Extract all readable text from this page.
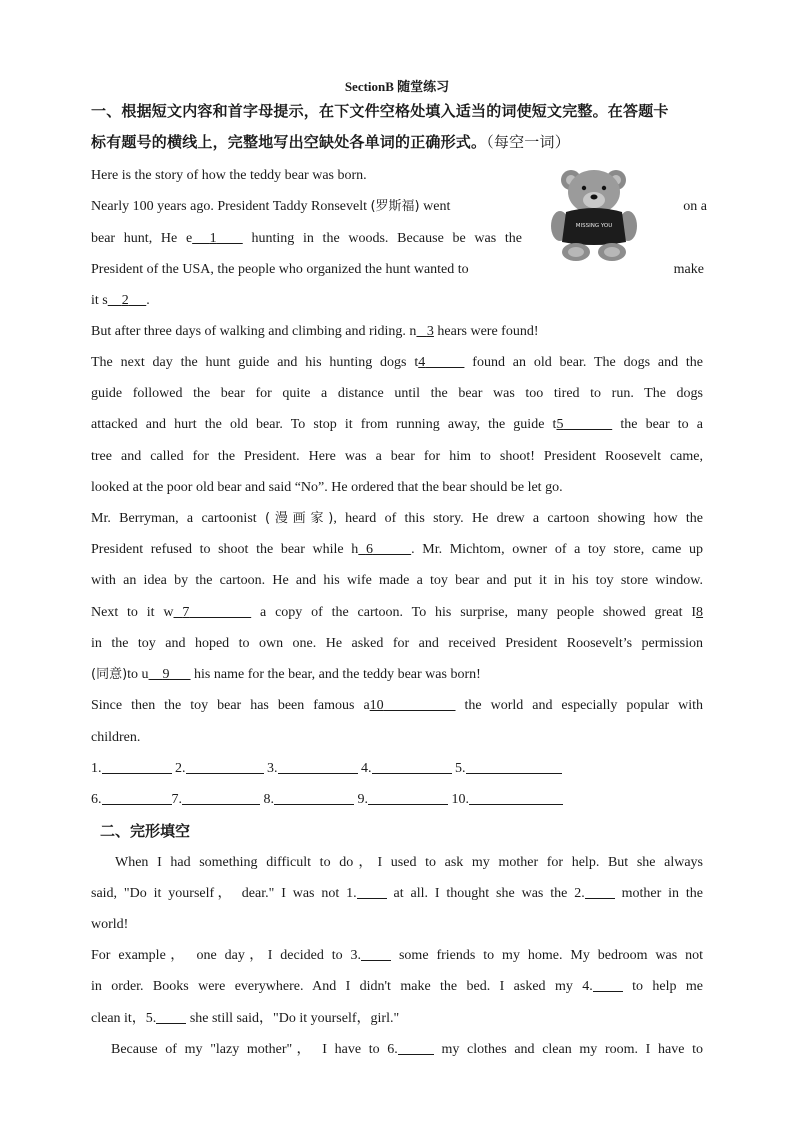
SectionB 随堂练习
一、根据短文内容和首字母提示，在下文件空格处填入适当的词使短文完整。在答题卡
标有题号的横线上，完整地写出空缺处各单词的正确形式。（每空一词）
Here is the story of how the teddy bear was born.
Nearly 100 years ago. President Taddy Ronsevelt (罗斯福) went	on a
bear hunt, He e 1 hunting in the woods. Because be was the
President of the USA, the people who organized the hunt wanted to	make
it s 2 .
But after three days of walking and climbing and riding. n 3 hears were found!
The next day the hunt guide and his hunting dogs t4	found an old bear. The dogs and the
guide followed the bear for quite a distance until the bear was too tired to run. The dogs
attacked and hurt the old bear. To stop it from running away, the guide t5	the bear to a
tree and called for the President. Here was a bear for him to shoot! President Roosevelt came,
looked at the poor old bear and said “No”. He ordered that the bear should be let go.
Mr. Berryman, a cartoonist (漫画家), heard of this story. He drew a cartoon showing how the
President refused to shoot the bear while h 6	. Mr. Michtom, owner of a toy store, came up
with an idea by the cartoon. He and his wife made a toy bear and put it in his toy store window.
Next to it w 7	a copy of the cartoon. To his surprise, many people showed great I8
in the toy and hoped to own one. He asked for and received President Roosevelt’s permission
(同意)to u 9 his name for the bear, and the teddy bear was born!
Since then the toy bear has been famous a10	the world and especially popular with
children.
1.	2.	3.	4.	5.
6.	7.	8.	9.	10.
二、完形填空
When I had something difficult to do，I used to ask my mother for help. But she always
said, "Do it yourself， dear." I was not 1.	at all. I thought she was the 2.	mother in the
world!
For example， one day，I decided to 3.	some friends to my home. My bedroom was not
in order. Books were everywhere. And I didn't make the bed. I asked my 4.	to help me
clean it，5. she still said，"Do it yourself，girl."
Because of my "lazy mother"， I have to 6.	my clothes and clean my room. I have to
MISSING YOU
